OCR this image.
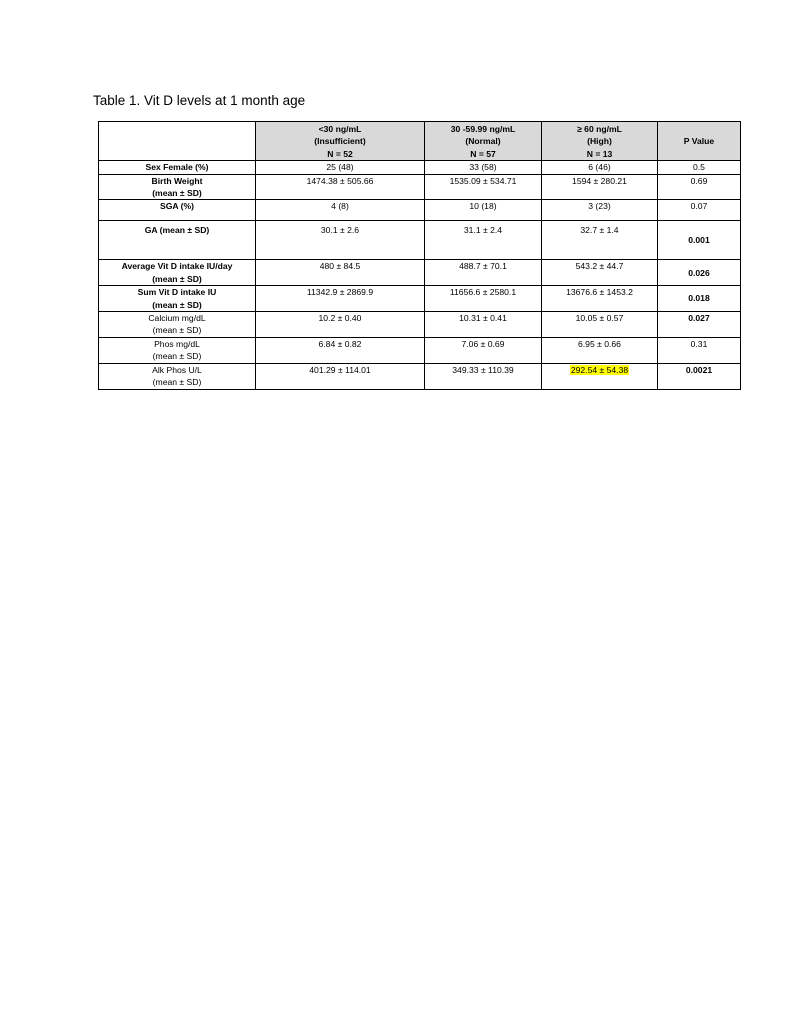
Table 1. Vit D levels at 1 month age

	<30 ng/mL
(Insufficient)
N = 52	30 -59.99 ng/mL
(Normal)
N = 57	≥ 60 ng/mL
(High)
N = 13	P Value
Sex Female (%)	25 (48)	33 (58)	6 (46)	0.5

Birth Weight
(mean ± SD)	1474.38 ± 505.66	1535.09 ± 534.71	1594 ± 280.21	0.69
SGA (%)	4 (8)	10 (18)	3 (23)	0.07
GA (mean ± SD)	30.1 ± 2.6	31.1 ± 2.4	32.7 ± 1.4	0.001

Average Vit D intake IU/day
(mean ± SD)	480 ± 84.5	488.7 ± 70.1	543.2 ± 44.7	0.026

Sum Vit D intake IU
(mean ± SD)	11342.9 ± 2869.9	11656.6 ± 2580.1	13676.6 ± 1453.2	0.018

Calcium mg/dL
(mean ± SD)	10.2 ± 0.40	10.31 ± 0.41	10.05 ± 0.57	0.027

Phos mg/dL
(mean ± SD)	6.84 ± 0.82	7.06 ± 0.69	6.95 ± 0.66	0.31

Alk Phos U/L
(mean ± SD)	401.29 ± 114.01	349.33 ± 110.39	292.54 ± 54.38	0.0021
